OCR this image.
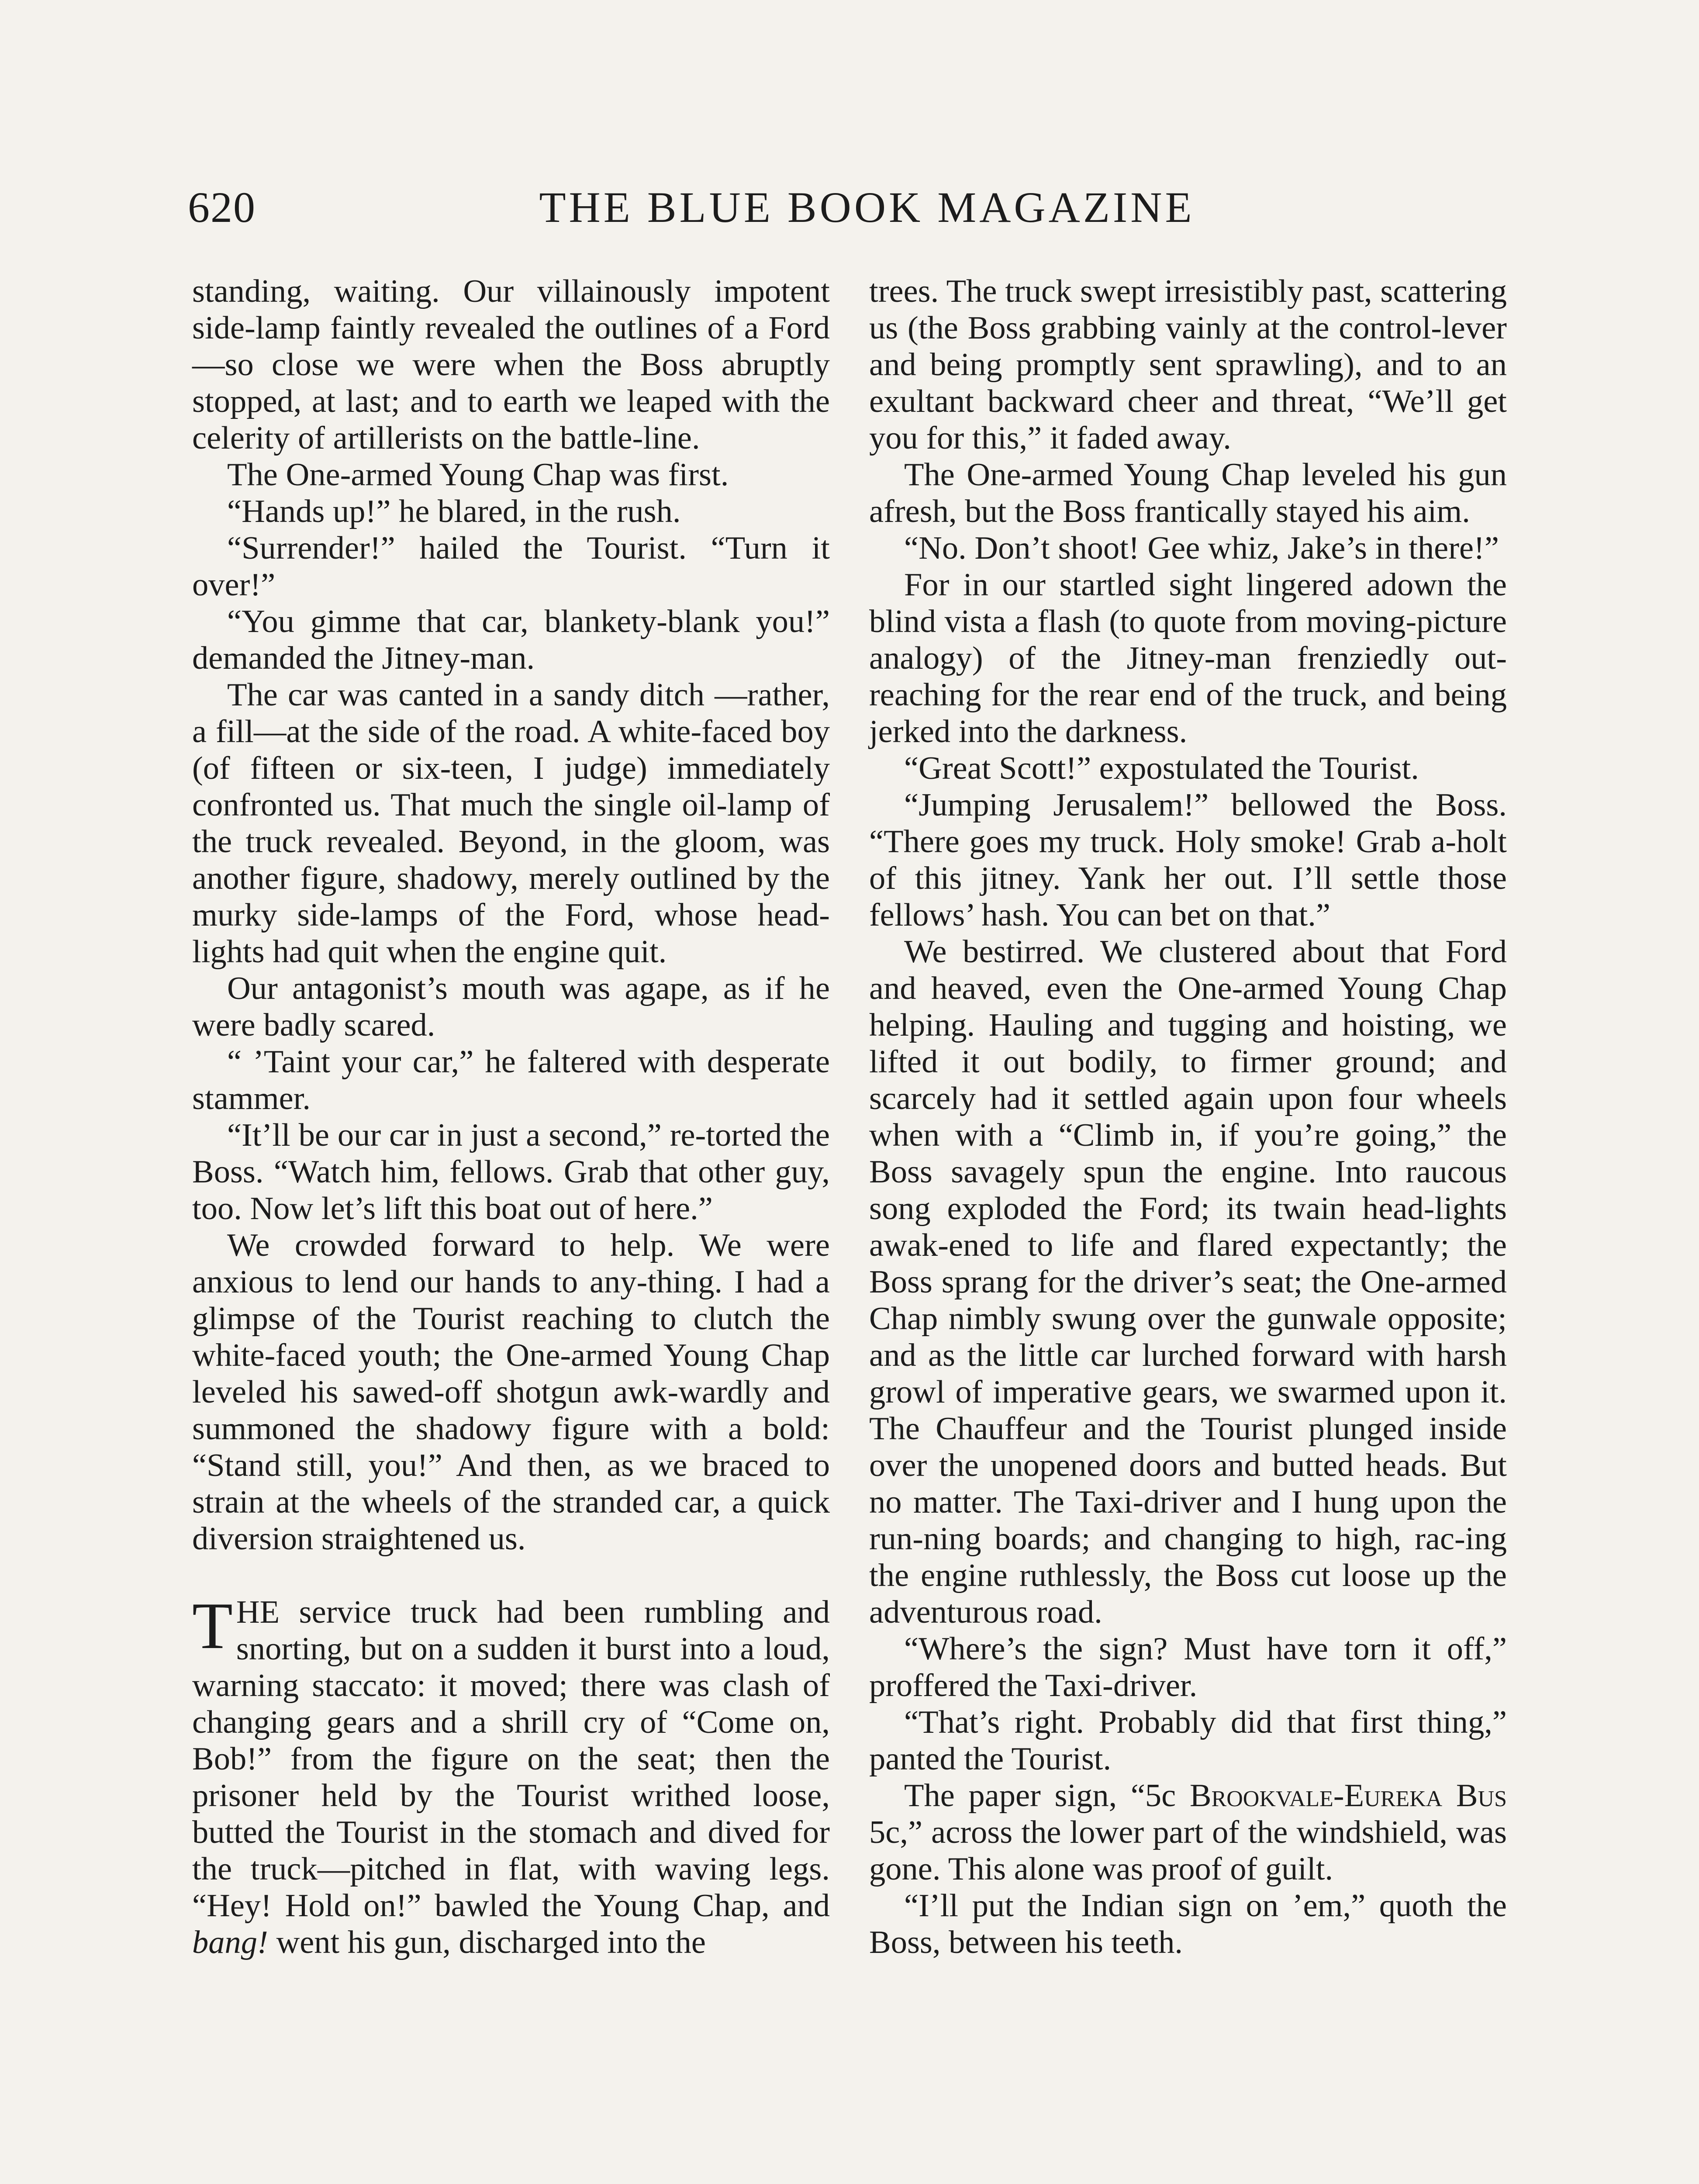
620	THE BLUE BOOK MAGAZINE

standing, waiting. Our villainously impotent side-lamp faintly revealed the outlines of a Ford—so close we were when the Boss abruptly stopped, at last; and to earth we leaped with the celerity of artillerists on the battle-line.

The One-armed Young Chap was first.

“Hands up!” he blared, in the rush.

“Surrender!” hailed the Tourist. “Turn it over!”

“You gimme that car, blankety-blank you!” demanded the Jitney-man.

The car was canted in a sandy ditch —rather, a fill—at the side of the road. A white-faced boy (of fifteen or six-teen, I judge) immediately confronted us. That much the single oil-lamp of the truck revealed. Beyond, in the gloom, was another figure, shadowy, merely outlined by the murky side-lamps of the Ford, whose head-lights had quit when the engine quit.

Our antagonist’s mouth was agape, as if he were badly scared.

“ ’Taint your car,” he faltered with desperate stammer.

“It’ll be our car in just a second,” re-torted the Boss. “Watch him, fellows. Grab that other guy, too. Now let’s lift this boat out of here.”

We crowded forward to help. We were anxious to lend our hands to any-thing. I had a glimpse of the Tourist reaching to clutch the white-faced youth; the One-armed Young Chap leveled his sawed-off shotgun awk-wardly and summoned the shadowy figure with a bold: “Stand still, you!” And then, as we braced to strain at the wheels of the stranded car, a quick diversion straightened us.

THE service truck had been rumbling and snorting, but on a sudden it burst into a loud, warning staccato: it moved; there was clash of changing gears and a shrill cry of “Come on, Bob!” from the figure on the seat; then the prisoner held by the Tourist writhed loose, butted the Tourist in the stomach and dived for the truck—pitched in flat, with waving legs. “Hey! Hold on!” bawled the Young Chap, and bang! went his gun, discharged into the

trees. The truck swept irresistibly past, scattering us (the Boss grabbing vainly at the control-lever and being promptly sent sprawling), and to an exultant backward cheer and threat, “We’ll get you for this,” it faded away.

The One-armed Young Chap leveled his gun afresh, but the Boss frantically stayed his aim.

“No. Don’t shoot! Gee whiz, Jake’s in there!”

For in our startled sight lingered adown the blind vista a flash (to quote from moving-picture analogy) of the Jitney-man frenziedly out-reaching for the rear end of the truck, and being jerked into the darkness.

“Great Scott!” expostulated the Tourist.

“Jumping Jerusalem!” bellowed the Boss. “There goes my truck. Holy smoke! Grab a-holt of this jitney. Yank her out. I’ll settle those fellows’ hash. You can bet on that.”

We bestirred. We clustered about that Ford and heaved, even the One-armed Young Chap helping. Hauling and tugging and hoisting, we lifted it out bodily, to firmer ground; and scarcely had it settled again upon four wheels when with a “Climb in, if you’re going,” the Boss savagely spun the engine. Into raucous song exploded the Ford; its twain head-lights awak-ened to life and flared expectantly; the Boss sprang for the driver’s seat; the One-armed Chap nimbly swung over the gunwale opposite; and as the little car lurched forward with harsh growl of imperative gears, we swarmed upon it. The Chauffeur and the Tourist plunged inside over the unopened doors and butted heads. But no matter. The Taxi-driver and I hung upon the run-ning boards; and changing to high, rac-ing the engine ruthlessly, the Boss cut loose up the adventurous road.

“Where’s the sign? Must have torn it off,” proffered the Taxi-driver.

“That’s right. Probably did that first thing,” panted the Tourist.

The paper sign, “5c Brookvale-Eureka Bus 5c,” across the lower part of the windshield, was gone. This alone was proof of guilt.

“I’ll put the Indian sign on ’em,” quoth the Boss, between his teeth.
